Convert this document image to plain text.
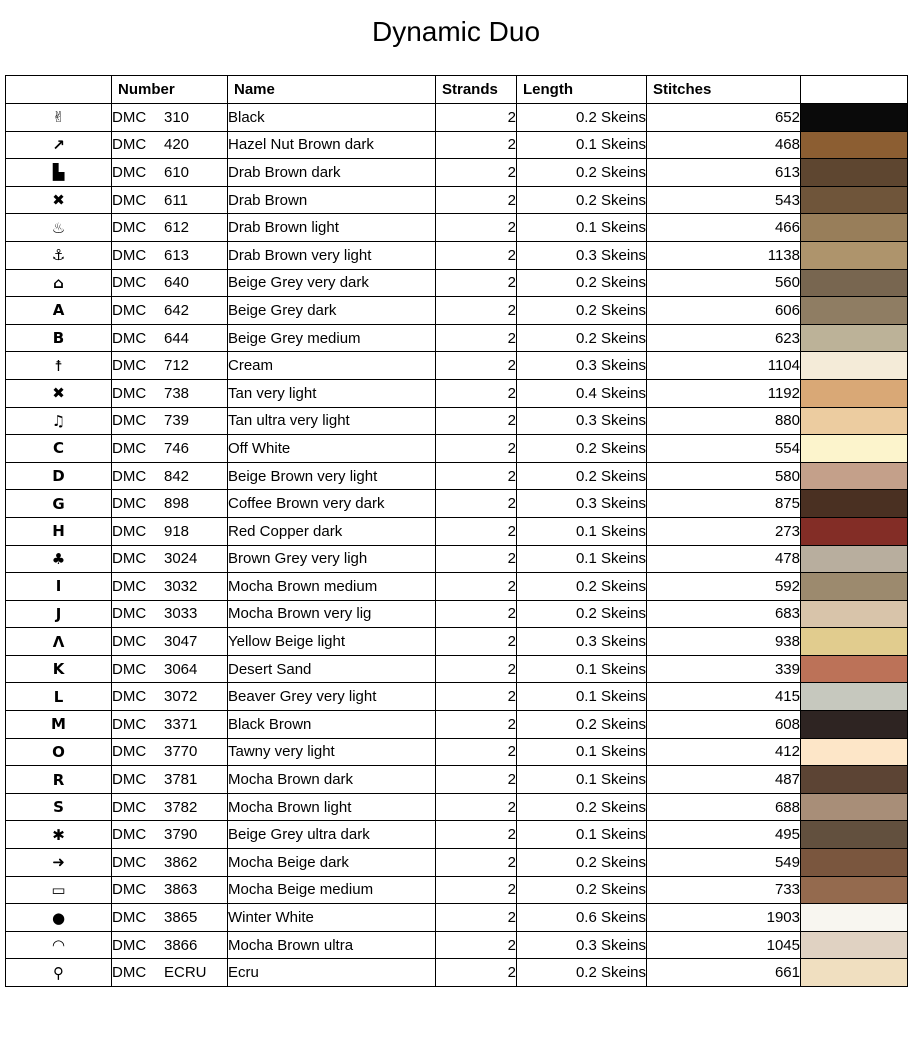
Dynamic Duo
	Number	Name	Strands	Length	Stitches	
✌	DMC 310	Black	2	0.2 Skeins	652	

↗	DMC 420	Hazel Nut Brown dark	2	0.1 Skeins	468	

▙	DMC 610	Drab Brown dark	2	0.2 Skeins	613	

✖	DMC 611	Drab Brown	2	0.2 Skeins	543	

♨	DMC 612	Drab Brown light	2	0.1 Skeins	466	

⚓	DMC 613	Drab Brown very light	2	0.3 Skeins	1138	

⌂	DMC 640	Beige Grey very dark	2	0.2 Skeins	560	

A	DMC 642	Beige Grey dark	2	0.2 Skeins	606	

B	DMC 644	Beige Grey medium	2	0.2 Skeins	623	

☨	DMC 712	Cream	2	0.3 Skeins	1104	

✖	DMC 738	Tan very light	2	0.4 Skeins	1192	

♫	DMC 739	Tan ultra very light	2	0.3 Skeins	880	

C	DMC 746	Off White	2	0.2 Skeins	554	

D	DMC 842	Beige Brown very light	2	0.2 Skeins	580	

G	DMC 898	Coffee Brown very dark	2	0.3 Skeins	875	

H	DMC 918	Red Copper dark	2	0.1 Skeins	273	

♣	DMC 3024	Brown Grey very ligh	2	0.1 Skeins	478	

I	DMC 3032	Mocha Brown medium	2	0.2 Skeins	592	

J	DMC 3033	Mocha Brown very lig	2	0.2 Skeins	683	

Λ	DMC 3047	Yellow Beige light	2	0.3 Skeins	938	

K	DMC 3064	Desert Sand	2	0.1 Skeins	339	

L	DMC 3072	Beaver Grey very light	2	0.1 Skeins	415	

M	DMC 3371	Black Brown	2	0.2 Skeins	608	

O	DMC 3770	Tawny very light	2	0.1 Skeins	412	

R	DMC 3781	Mocha Brown dark	2	0.1 Skeins	487	

S	DMC 3782	Mocha Brown light	2	0.2 Skeins	688	

✱	DMC 3790	Beige Grey ultra dark	2	0.1 Skeins	495	

➜	DMC 3862	Mocha Beige dark	2	0.2 Skeins	549	

▭	DMC 3863	Mocha Beige medium	2	0.2 Skeins	733	

●	DMC 3865	Winter White	2	0.6 Skeins	1903	

◠	DMC 3866	Mocha Brown ultra	2	0.3 Skeins	1045	

⚲	DMC ECRU	Ecru	2	0.2 Skeins	661	
